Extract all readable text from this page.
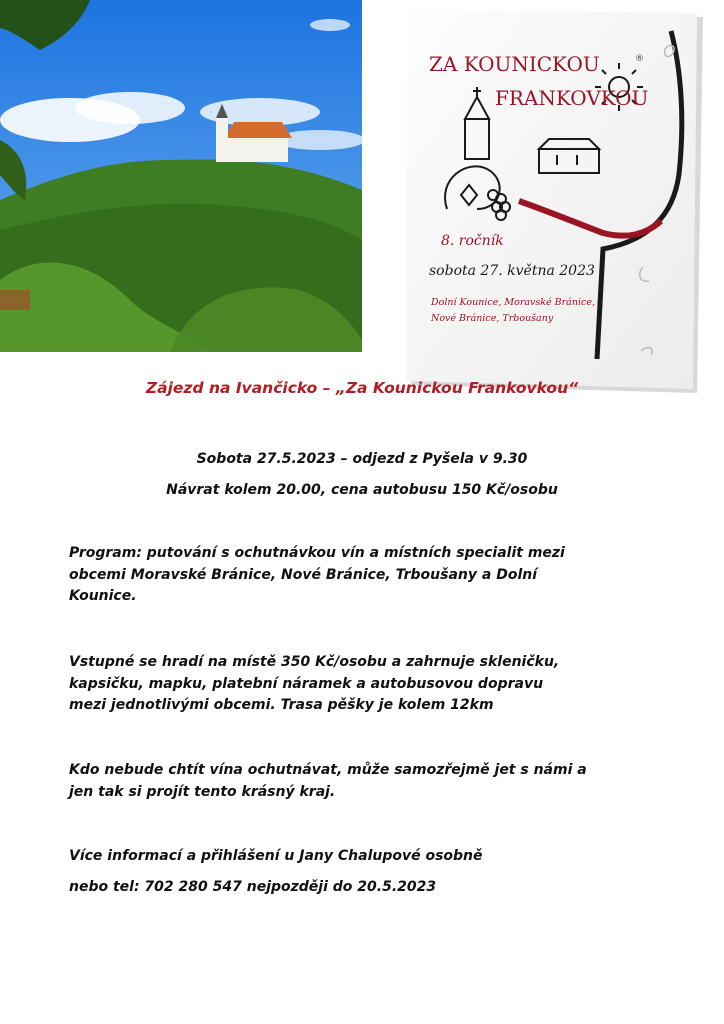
ZA KOUNICKOU
FRANKOVKOU
®
8. ročník
sobota 27. května 2023
Dolní Kounice, Moravské Bránice,
Nové Bránice, Trboušany
Zájezd na Ivančicko – „Za Kounickou Frankovkou“
Sobota 27.5.2023 – odjezd z Pyšela v 9.30
Návrat kolem 20.00, cena autobusu 150 Kč/osobu
Program: putování s ochutnávkou vín a místních specialit mezi
obcemi Moravské Bránice, Nové Bránice, Trboušany a Dolní
Kounice.
Vstupné se hradí na místě 350 Kč/osobu a zahrnuje skleničku,
kapsičku, mapku, platební náramek a autobusovou dopravu
mezi jednotlivými obcemi. Trasa pěšky je kolem 12km
Kdo nebude chtít vína ochutnávat, může samozřejmě jet s námi a
jen tak si projít tento krásný kraj.
Více informací a přihlášení u Jany Chalupové osobně
nebo tel: 702 280 547 nejpozději do 20.5.2023
